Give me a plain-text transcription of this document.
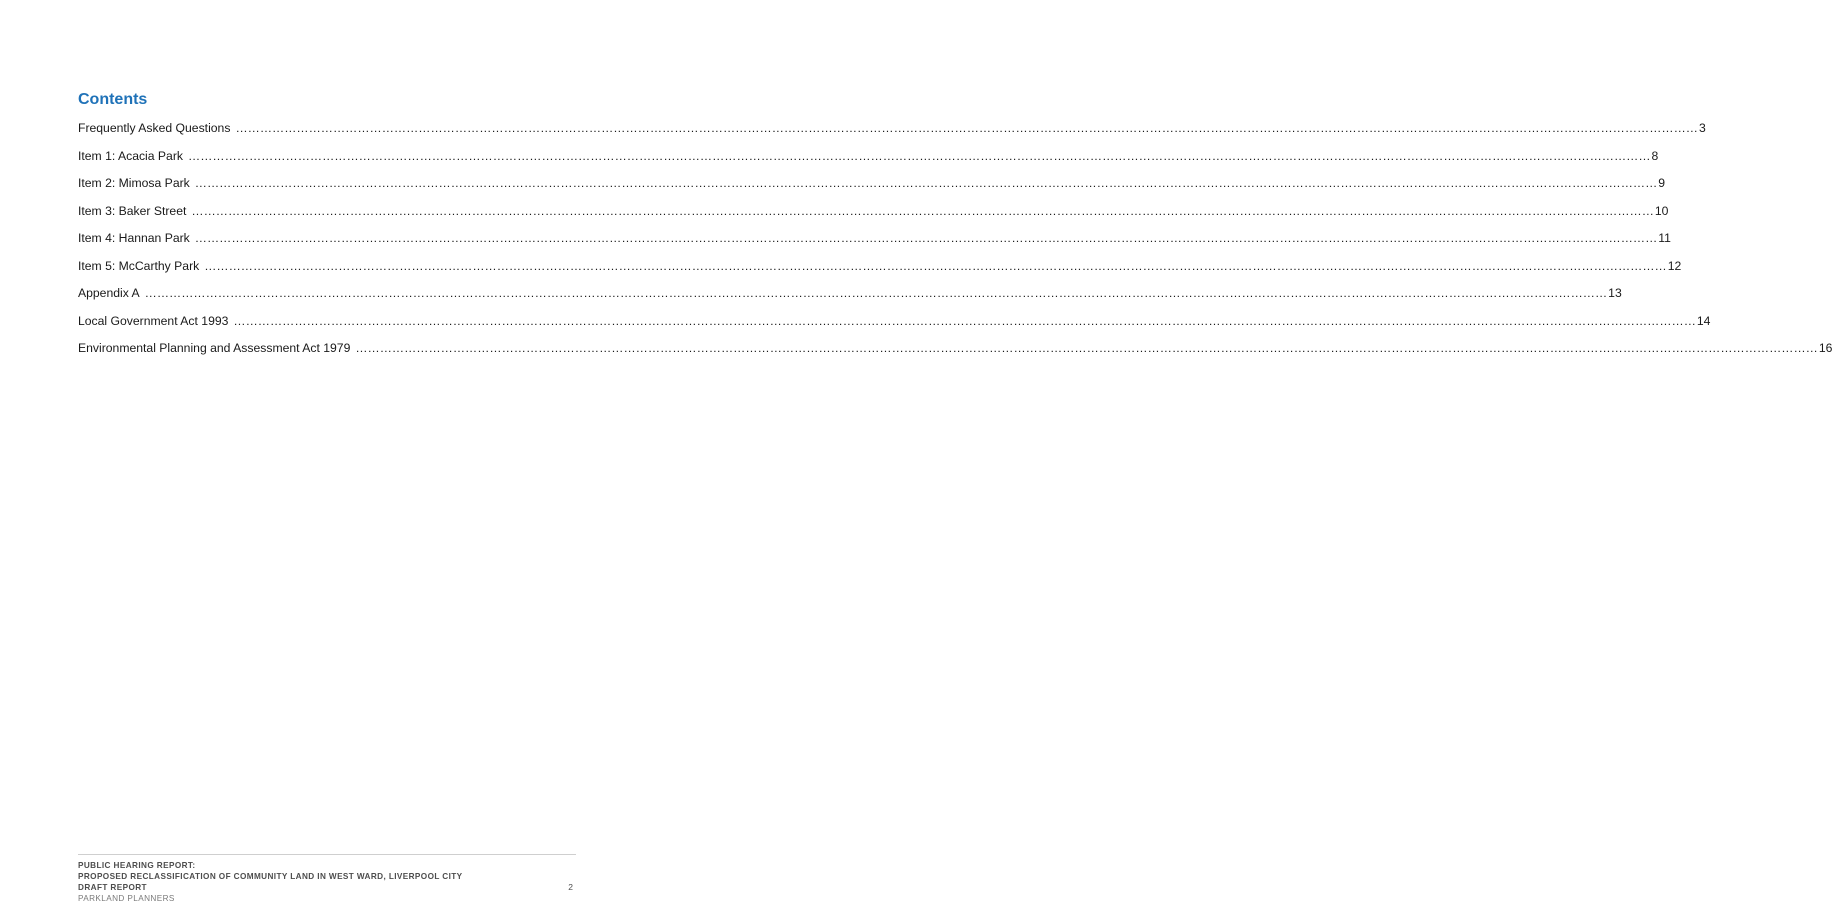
Contents
Frequently Asked Questions ……………………………………………………………………………………………………………………………………………………………………………………………………………………………………………………………………………………………………………………………… 3
Item 1: Acacia Park ……………………………………………………………………………………………………………………………………………………………………………………………………………………………………………………………………………………………………………………………… 8
Item 2: Mimosa Park ……………………………………………………………………………………………………………………………………………………………………………………………………………………………………………………………………………………………………………………………… 9
Item 3: Baker Street ……………………………………………………………………………………………………………………………………………………………………………………………………………………………………………………………………………………………………………………………… 10
Item 4: Hannan Park ……………………………………………………………………………………………………………………………………………………………………………………………………………………………………………………………………………………………………………………………… 11
Item 5: McCarthy Park ……………………………………………………………………………………………………………………………………………………………………………………………………………………………………………………………………………………………………………………………… 12
Appendix A ……………………………………………………………………………………………………………………………………………………………………………………………………………………………………………………………………………………………………………………………… 13
Local Government Act 1993 ……………………………………………………………………………………………………………………………………………………………………………………………………………………………………………………………………………………………………………………………… 14
Environmental Planning and Assessment Act 1979 ……………………………………………………………………………………………………………………………………………………………………………………………………………………………………………………………………………………………………………………………… 16
PUBLIC HEARING REPORT:
PROPOSED RECLASSIFICATION OF COMMUNITY LAND IN WEST WARD, LIVERPOOL CITY
DRAFT REPORT
PARKLAND PLANNERS
2
